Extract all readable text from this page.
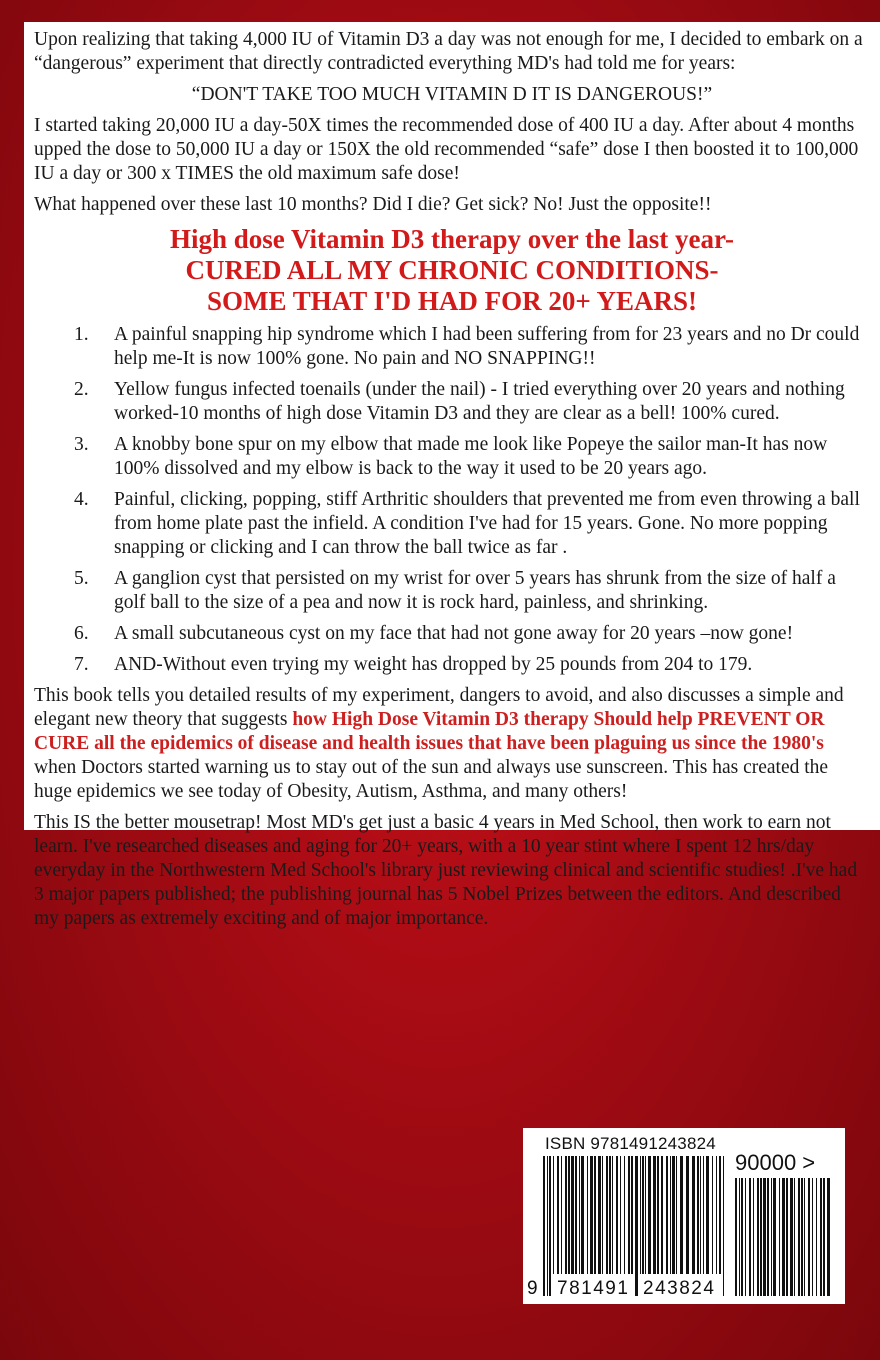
Upon realizing that taking 4,000 IU of Vitamin D3 a day was not enough for me, I decided to embark on a “dangerous” experiment that directly contradicted everything MD's had told me for years:

“DON'T TAKE TOO MUCH VITAMIN D IT IS DANGEROUS!”

I started taking 20,000 IU a day-50X times the recommended dose of 400 IU a day. After about 4 months upped the dose to 50,000 IU a day or 150X the old recommended “safe” dose I then boosted it to 100,000 IU a day or 300 x TIMES the old maximum safe dose!

What happened over these last 10 months? Did I die? Get sick? No! Just the opposite!!

High dose Vitamin D3 therapy over the last year-
CURED ALL MY CHRONIC CONDITIONS-
SOME THAT I'D HAD FOR 20+ YEARS!
1. A painful snapping hip syndrome which I had been suffering from for 23 years and no Dr could help me-It is now 100% gone. No pain and NO SNAPPING!!
2. Yellow fungus infected toenails (under the nail) - I tried everything over 20 years and nothing worked-10 months of high dose Vitamin D3 and they are clear as a bell! 100% cured.
3. A knobby bone spur on my elbow that made me look like Popeye the sailor man-It has now 100% dissolved and my elbow is back to the way it used to be 20 years ago.
4. Painful, clicking, popping, stiff Arthritic shoulders that prevented me from even throwing a ball from home plate past the infield. A condition I've had for 15 years. Gone. No more popping snapping or clicking and I can throw the ball twice as far .
5. A ganglion cyst that persisted on my wrist for over 5 years has shrunk from the size of half a golf ball to the size of a pea and now it is rock hard, painless, and shrinking.
6. A small subcutaneous cyst on my face that had not gone away for 20 years –now gone!
7. AND-Without even trying my weight has dropped by 25 pounds from 204 to 179.

This book tells you detailed results of my experiment, dangers to avoid, and also discusses a simple and elegant new theory that suggests how High Dose Vitamin D3 therapy Should help PREVENT OR CURE all the epidemics of disease and health issues that have been plaguing us since the 1980's when Doctors started warning us to stay out of the sun and always use sunscreen. This has created the huge epidemics we see today of Obesity, Autism, Asthma, and many others!

This IS the better mousetrap! Most MD's get just a basic 4 years in Med School, then work to earn not learn. I've researched diseases and aging for 20+ years, with a 10 year stint where I spent 12 hrs/day everyday in the Northwestern Med School's library just reviewing clinical and scientific studies! .I've had 3 major papers published; the publishing journal has 5 Nobel Prizes between the editors. And described my papers as extremely exciting and of major importance.

ISBN 9781491243824
90000 >
9 781491 243824
